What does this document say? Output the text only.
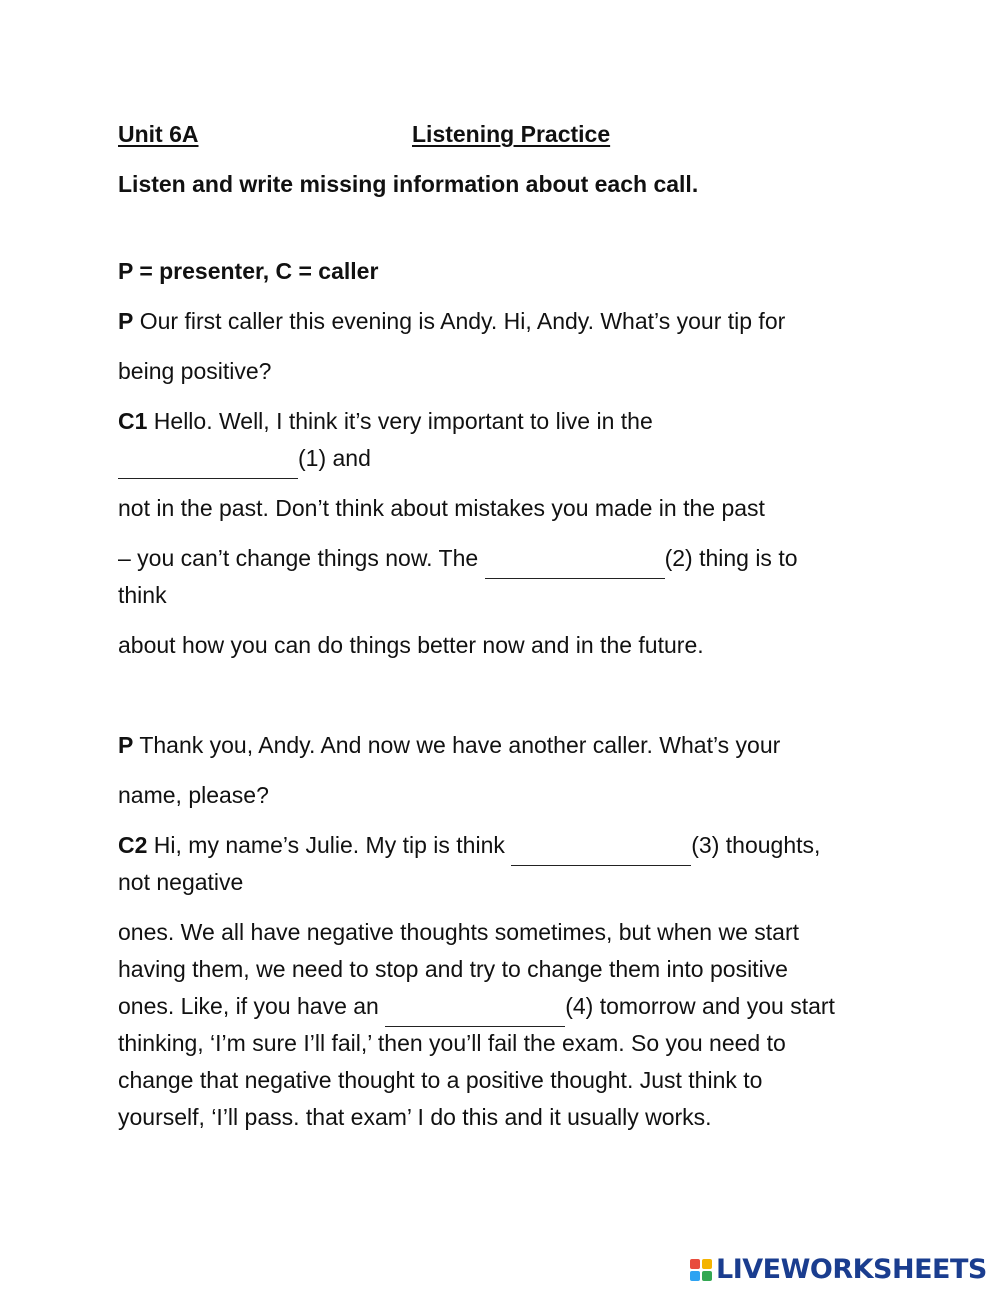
Unit 6A	Listening Practice
Listen and write missing information about each call.
P = presenter, C = caller
P Our first caller this evening is Andy. Hi, Andy. What’s your tip for
being positive?
C1 Hello. Well, I think it’s very important to live in the
(1) and
not in the past. Don’t think about mistakes you made in the past
– you can’t change things now. The	(2) thing is to
think
about how you can do things better now and in the future.
P Thank you, Andy. And now we have another caller. What’s your
name, please?
C2 Hi, my name’s Julie. My tip is think	(3) thoughts,
not negative
ones. We all have negative thoughts sometimes, but when we start
having them, we need to stop and try to change them into positive
ones. Like, if you have an	(4) tomorrow and you start
thinking, ‘I’m sure I’ll fail,’ then you’ll fail the exam. So you need to
change that negative thought to a positive thought. Just think to
yourself, ‘I’ll pass. that exam’ I do this and it usually works.
LIVEWORKSHEETS
